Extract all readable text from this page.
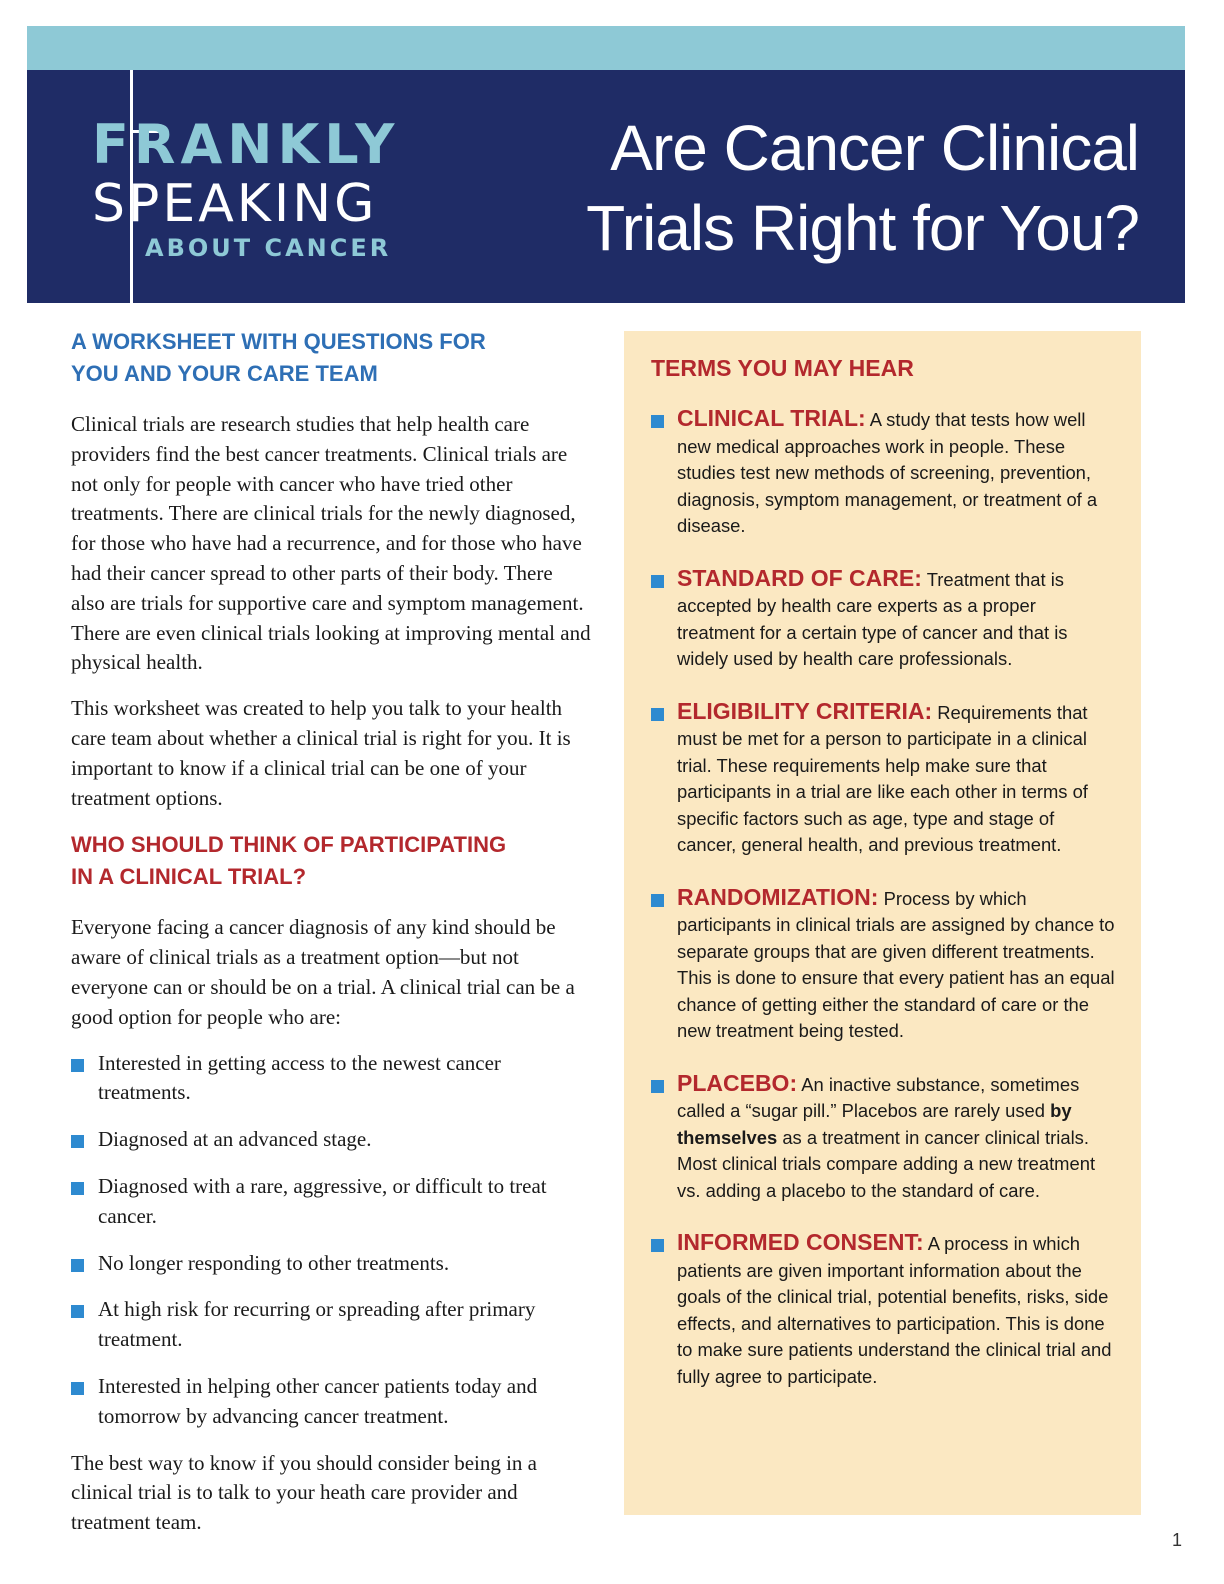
FRANKLY
SPEAKING
ABOUT CANCER
Are Cancer Clinical
Trials Right for You?
A WORKSHEET WITH QUESTIONS FOR
YOU AND YOUR CARE TEAM

Clinical trials are research studies that help health care providers find the best cancer treatments. Clinical trials are not only for people with cancer who have tried other treatments. There are clinical trials for the newly diagnosed, for those who have had a recurrence, and for those who have had their cancer spread to other parts of their body. There also are trials for supportive care and symptom management. There are even clinical trials looking at improving mental and physical health.

This worksheet was created to help you talk to your health care team about whether a clinical trial is right for you. It is important to know if a clinical trial can be one of your treatment options.

WHO SHOULD THINK OF PARTICIPATING
IN A CLINICAL TRIAL?

Everyone facing a cancer diagnosis of any kind should be aware of clinical trials as a treatment option—but not everyone can or should be on a trial. A clinical trial can be a good option for people who are:

Interested in getting access to the newest cancer treatments.
Diagnosed at an advanced stage.
Diagnosed with a rare, aggressive, or difficult to treat cancer.
No longer responding to other treatments.
At high risk for recurring or spreading after primary treatment.
Interested in helping other cancer patients today and tomorrow by advancing cancer treatment.

The best way to know if you should consider being in a clinical trial is to talk to your heath care provider and treatment team.

TERMS YOU MAY HEAR
CLINICAL TRIAL: A study that tests how well new medical approaches work in people. These studies test new methods of screening, prevention, diagnosis, symptom management, or treatment of a disease.
STANDARD OF CARE: Treatment that is accepted by health care experts as a proper treatment for a certain type of cancer and that is widely used by health care professionals.
ELIGIBILITY CRITERIA: Requirements that must be met for a person to participate in a clinical trial. These requirements help make sure that participants in a trial are like each other in terms of specific factors such as age, type and stage of cancer, general health, and previous treatment.
RANDOMIZATION: Process by which participants in clinical trials are assigned by chance to separate groups that are given different treatments. This is done to ensure that every patient has an equal chance of getting either the standard of care or the new treatment being tested.
PLACEBO: An inactive substance, sometimes called a “sugar pill.” Placebos are rarely used by themselves as a treatment in cancer clinical trials. Most clinical trials compare adding a new treatment vs. adding a placebo to the standard of care.
INFORMED CONSENT: A process in which patients are given important information about the goals of the clinical trial, potential benefits, risks, side effects, and alternatives to participation. This is done to make sure patients understand the clinical trial and fully agree to participate.
1
